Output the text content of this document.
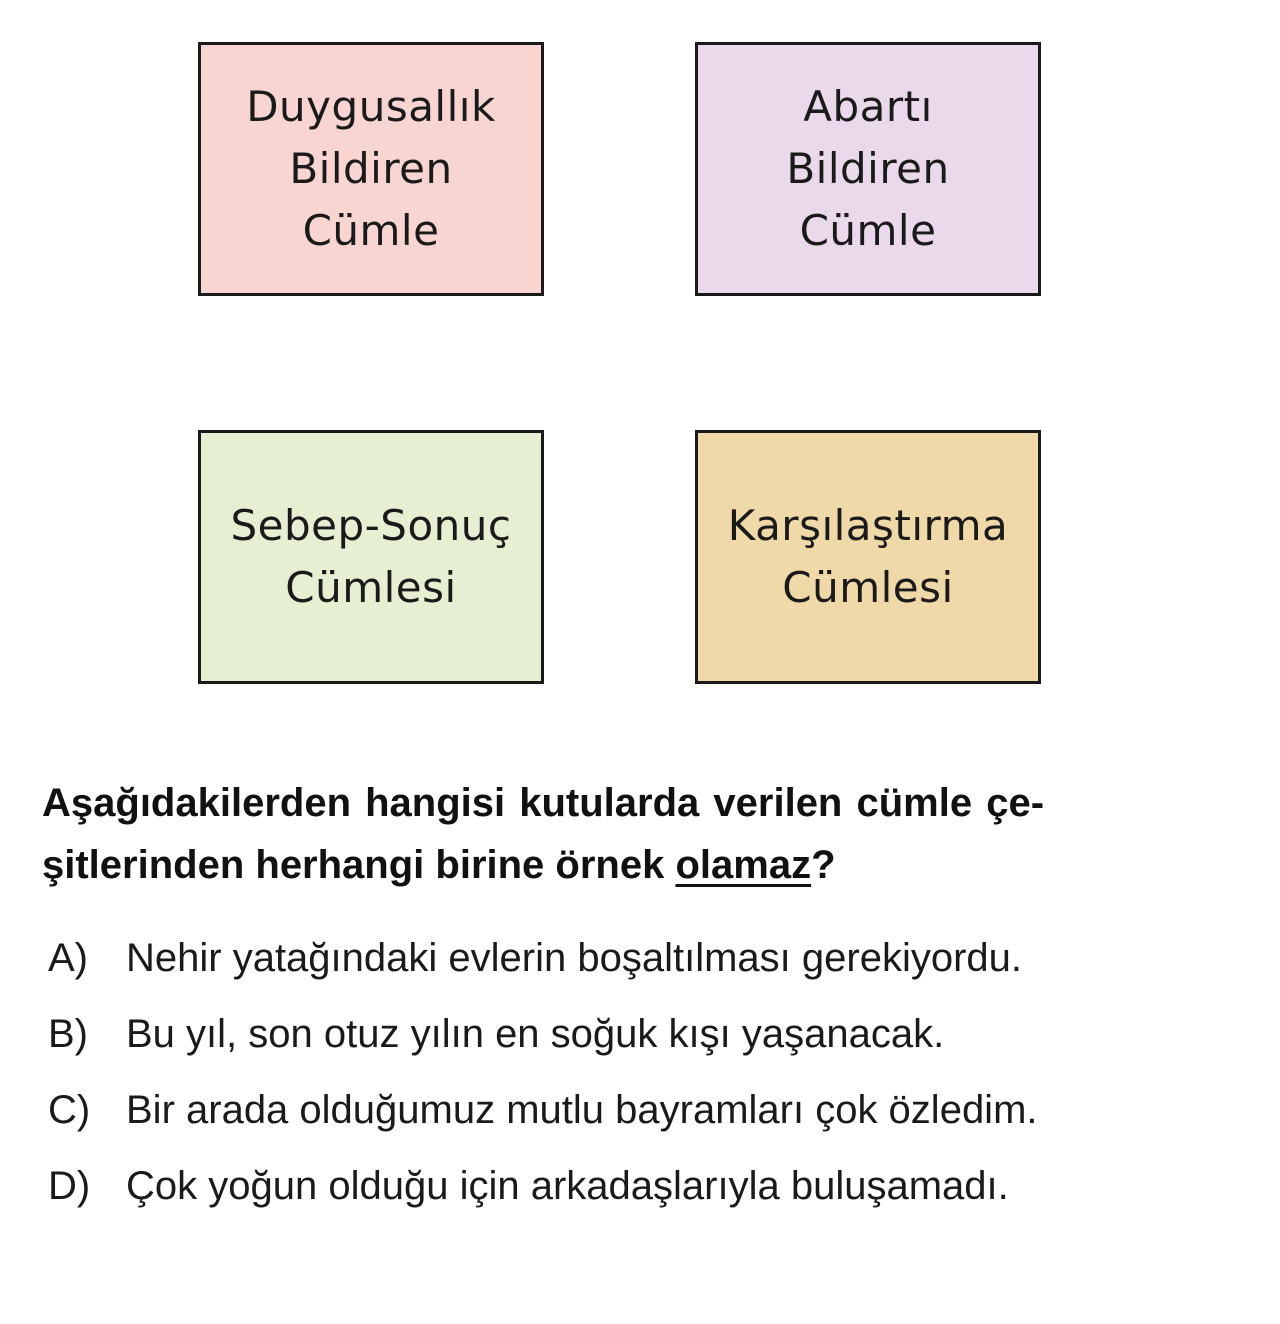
Duygusallık
Bildiren
Cümle
Abartı
Bildiren
Cümle
Sebep-Sonuç
Cümlesi
Karşılaştırma
Cümlesi
Aşağıdakilerden hangisi kutularda verilen cümle çe-
şitlerinden herhangi birine örnek olamaz?
A) Nehir yatağındaki evlerin boşaltılması gerekiyordu.
B) Bu yıl, son otuz yılın en soğuk kışı yaşanacak.
C) Bir arada olduğumuz mutlu bayramları çok özledim.
D) Çok yoğun olduğu için arkadaşlarıyla buluşamadı.
